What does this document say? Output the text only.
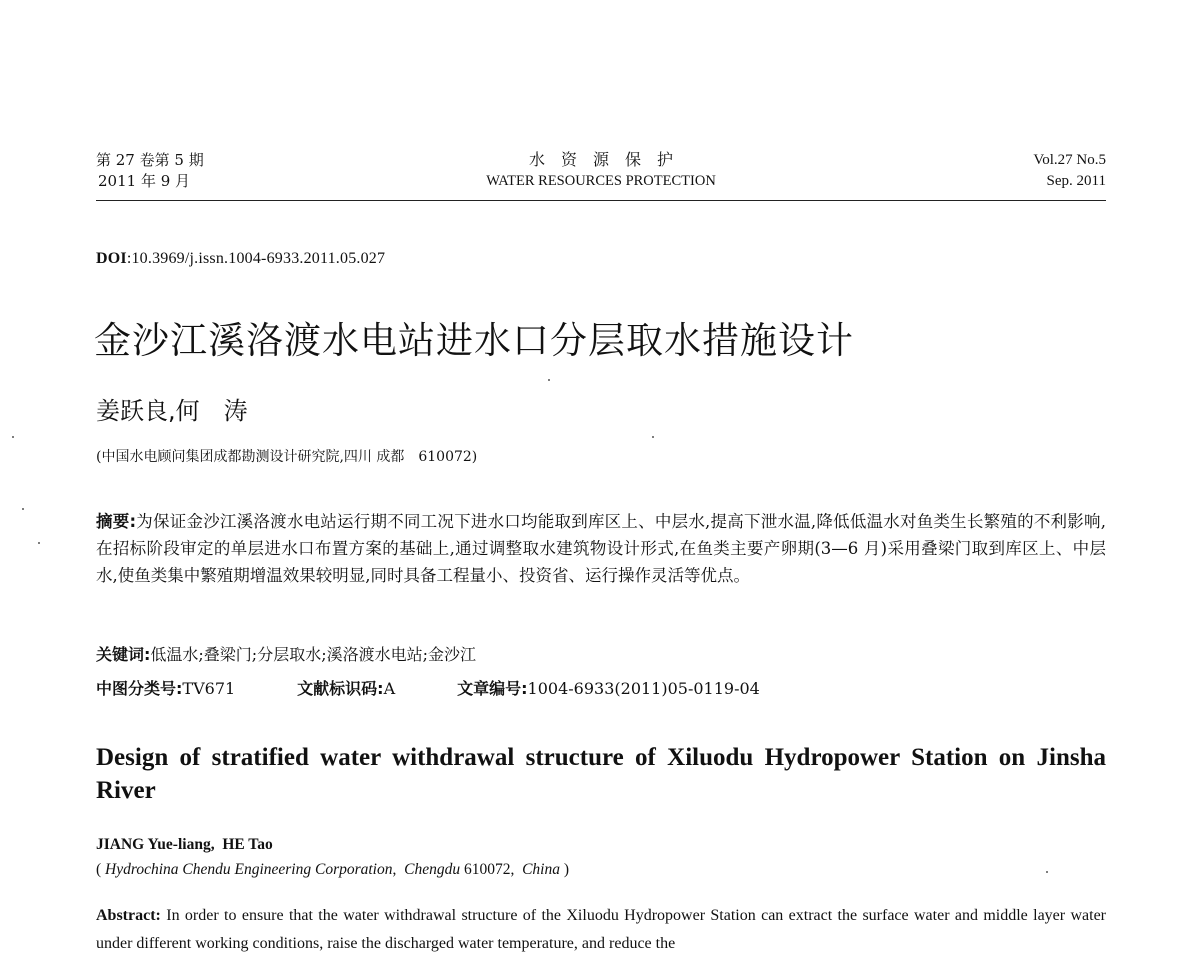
第 27 卷第 5 期
2011 年 9 月
水资源保护
WATER RESOURCES PROTECTION
Vol.27 No.5
Sep. 2011
DOI:10.3969/j.issn.1004-6933.2011.05.027
金沙江溪洛渡水电站进水口分层取水措施设计
姜跃良,何　涛
(中国水电顾问集团成都勘测设计研究院,四川 成都　610072)
摘要:为保证金沙江溪洛渡水电站运行期不同工况下进水口均能取到库区上、中层水,提高下泄水温,降低低温水对鱼类生长繁殖的不利影响,在招标阶段审定的单层进水口布置方案的基础上,通过调整取水建筑物设计形式,在鱼类主要产卵期(3—6 月)采用叠梁门取到库区上、中层水,使鱼类集中繁殖期增温效果较明显,同时具备工程量小、投资省、运行操作灵活等优点。
关键词:低温水;叠梁门;分层取水;溪洛渡水电站;金沙江
中图分类号:TV671	文献标识码:A	文章编号:1004-6933(2011)05-0119-04
Design of stratified water withdrawal structure of Xiluodu Hydropower Station on Jinsha River
JIANG Yue-liang,  HE Tao
( Hydrochina Chendu Engineering Corporation,  Chengdu 610072,  China )
Abstract: In order to ensure that the water withdrawal structure of the Xiluodu Hydropower Station can extract the surface water and middle layer water under different working conditions, raise the discharged water temperature, and reduce the
